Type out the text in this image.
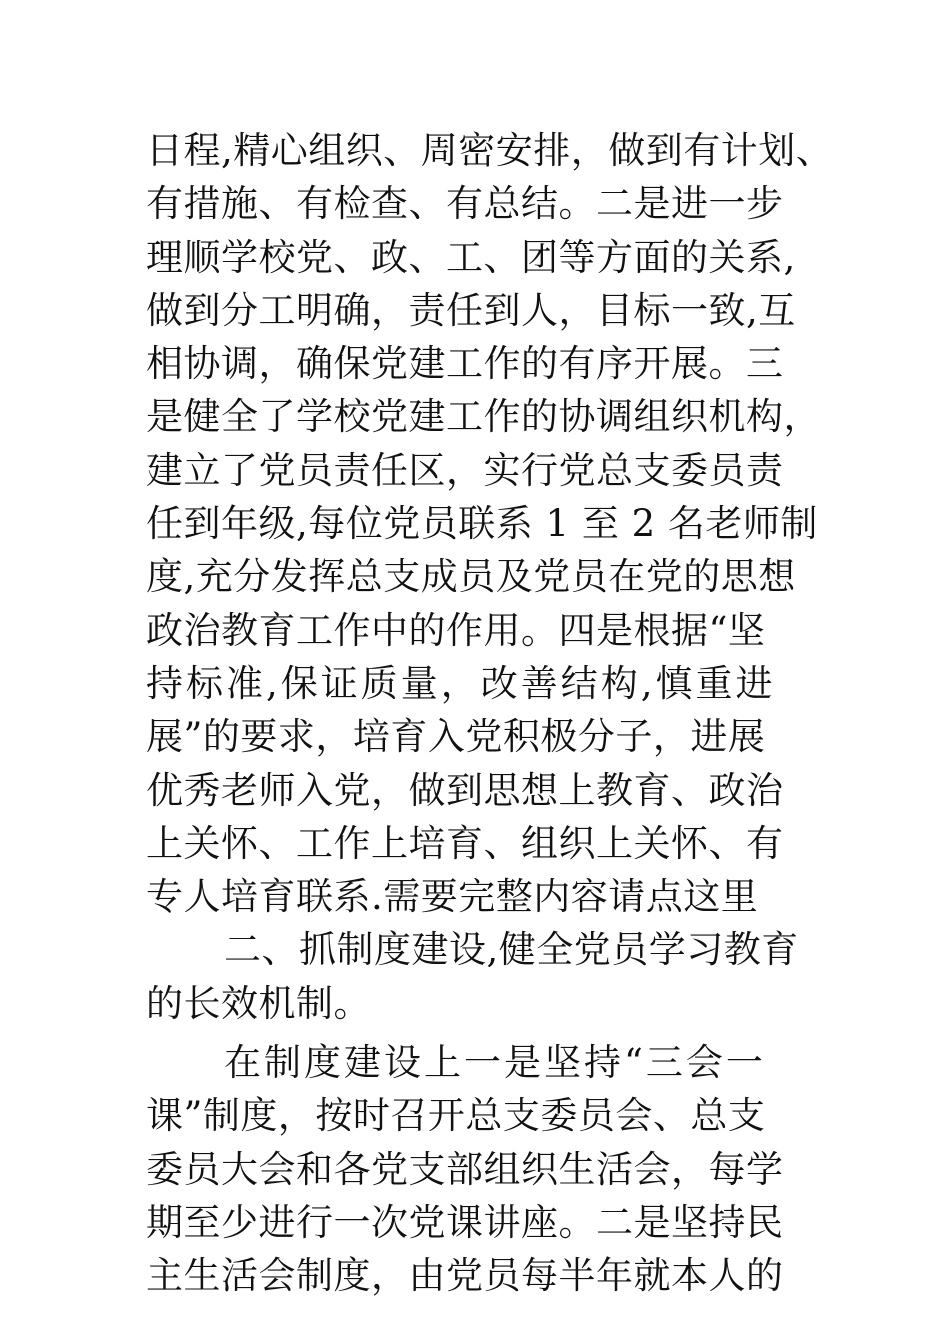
日程,精心组织、周密安排，做到有计划、
有措施、有检查、有总结。二是进一步
理顺学校党、政、工、团等方面的关系,
做到分工明确，责任到人，目标一致,互
相协调，确保党建工作的有序开展。三
是健全了学校党建工作的协调组织机构，
建立了党员责任区，实行党总支委员责
任到年级,每位党员联系 1 至 2 名老师制
度,充分发挥总支成员及党员在党的思想
政治教育工作中的作用。四是根据“坚
持标准,保证质量，改善结构,慎重进
展”的要求，培育入党积极分子，进展
优秀老师入党，做到思想上教育、政治
上关怀、工作上培育、组织上关怀、有
专人培育联系.需要完整内容请点这里
二、抓制度建设,健全党员学习教育
的长效机制。
在制度建设上一是坚持“三会一
课”制度，按时召开总支委员会、总支
委员大会和各党支部组织生活会，每学
期至少进行一次党课讲座。二是坚持民
主生活会制度，由党员每半年就本人的
